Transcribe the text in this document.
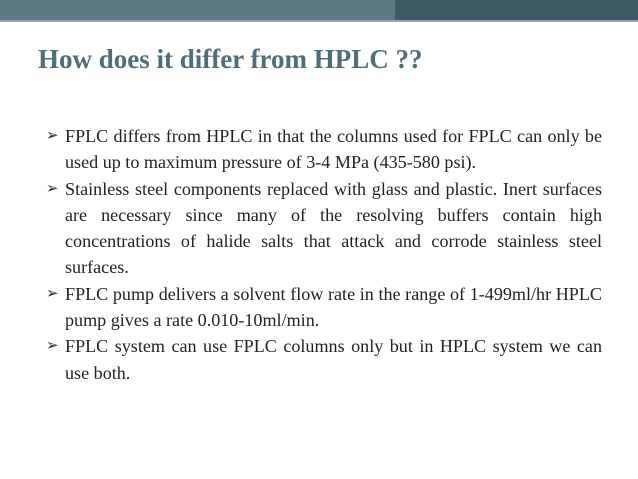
How does it differ from HPLC ??
➢ FPLC differs from HPLC in that the columns used for FPLC can only be used up to maximum pressure of 3-4 MPa (435-580 psi).
➢ Stainless steel components replaced with glass and plastic. Inert surfaces are necessary since many of the resolving buffers contain high concentrations of halide salts that attack and corrode stainless steel surfaces.
➢ FPLC pump delivers a solvent flow rate in the range of 1-499ml/hr HPLC pump gives a rate 0.010-10ml/min.
➢ FPLC system can use FPLC columns only but in HPLC system we can use both.
